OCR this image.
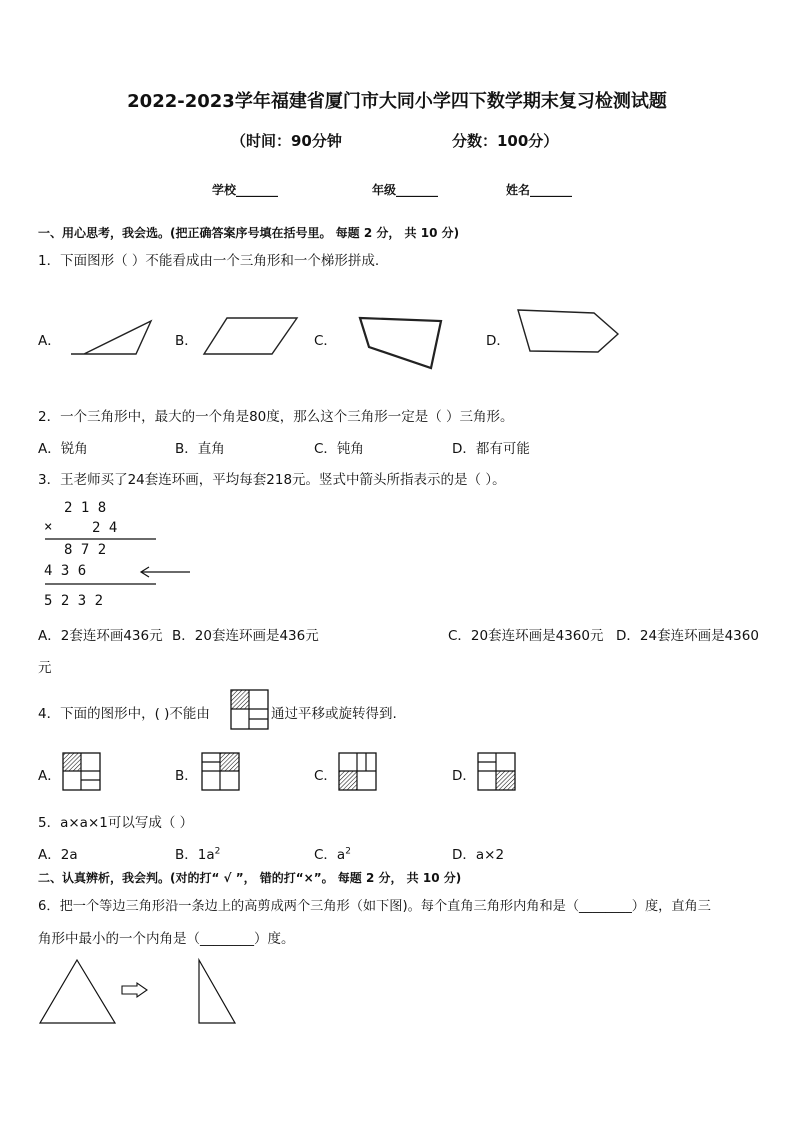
2022-2023学年福建省厦门市大同小学四下数学期末复习检测试题
（时间：90分钟	分数：100分）
学校_______	年级_______	姓名_______
一、用心思考，我会选。(把正确答案序号填在括号里。 每题 2 分， 共 10 分)
1．下面图形（ ）不能看成由一个三角形和一个梯形拼成.
A．	B．	C．	D．
2．一个三角形中，最大的一个角是80度，那么这个三角形一定是（ ）三角形。
A．锐角	B．直角	C．钝角	D．都有可能
3．王老师买了24套连环画，平均每套218元。竖式中箭头所指表示的是（ ）。
2 1 8
×	2 4
8 7 2
4 3 6
5 2 3 2
A．2套连环画436元 B．20套连环画是436元	C．20套连环画是4360元 D．24套连环画是4360
元
4．下面的图形中，( )不能由	通过平移或旋转得到.
A．	B．	C．	D．
5．a×a×1可以写成（ ）
A．2a	B．$1a^2$	C．$a^2$	D．a×2
二、认真辨析，我会判。(对的打“ √ ”， 错的打“×”。 每题 2 分， 共 10 分)
6．把一个等边三角形沿一条边上的高剪成两个三角形（如下图)。每个直角三角形内角和是（________）度，直角三
角形中最小的一个内角是（________）度。
